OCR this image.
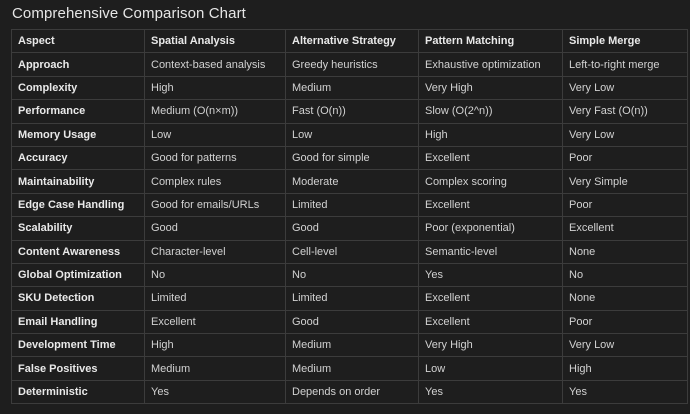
Comprehensive Comparison Chart
Aspect	Spatial Analysis	Alternative Strategy	Pattern Matching	Simple Merge
Approach	Context-based analysis	Greedy heuristics	Exhaustive optimization	Left-to-right merge
Complexity	High	Medium	Very High	Very Low
Performance	Medium (O(n×m))	Fast (O(n))	Slow (O(2^n))	Very Fast (O(n))
Memory Usage	Low	Low	High	Very Low
Accuracy	Good for patterns	Good for simple	Excellent	Poor
Maintainability	Complex rules	Moderate	Complex scoring	Very Simple
Edge Case Handling	Good for emails/URLs	Limited	Excellent	Poor
Scalability	Good	Good	Poor (exponential)	Excellent
Content Awareness	Character-level	Cell-level	Semantic-level	None
Global Optimization	No	No	Yes	No
SKU Detection	Limited	Limited	Excellent	None
Email Handling	Excellent	Good	Excellent	Poor
Development Time	High	Medium	Very High	Very Low
False Positives	Medium	Medium	Low	High
Deterministic	Yes	Depends on order	Yes	Yes
